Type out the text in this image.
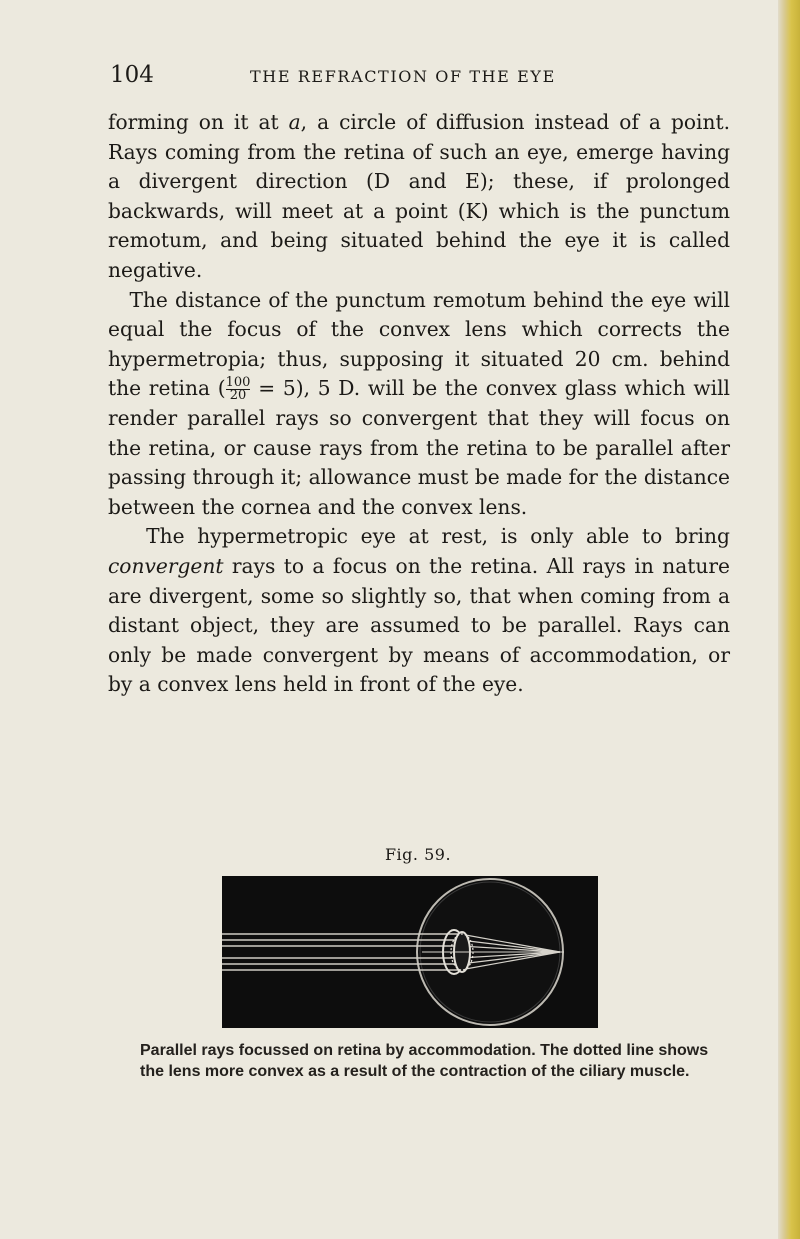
104	THE REFRACTION OF THE EYE

forming on it at a, a circle of diffusion instead of a point. Rays coming from the retina of such an eye, emerge having a divergent direction (D and E); these, if prolonged backwards, will meet at a point (K) which is the punctum remotum, and being situated behind the eye it is called negative.

The distance of the punctum remotum behind the eye will equal the focus of the convex lens which corrects the hypermetropia; thus, supposing it situated 20 cm. behind the retina ( $\frac{100}{20} = 5$), 5 D. will be the convex glass which will render parallel rays so convergent that they will focus on the retina, or cause rays from the retina to be parallel after passing through it; allowance must be made for the distance between the cornea and the convex lens.

The hypermetropic eye at rest, is only able to bring convergent rays to a focus on the retina. All rays in nature are divergent, some so slightly so, that when coming from a distant object, they are assumed to be parallel. Rays can only be made convergent by means of accommodation, or by a convex lens held in front of the eye.

Fig. 59.

Parallel rays focussed on retina by accommodation. The dotted line shows the lens more convex as a result of the contraction of the ciliary muscle.
